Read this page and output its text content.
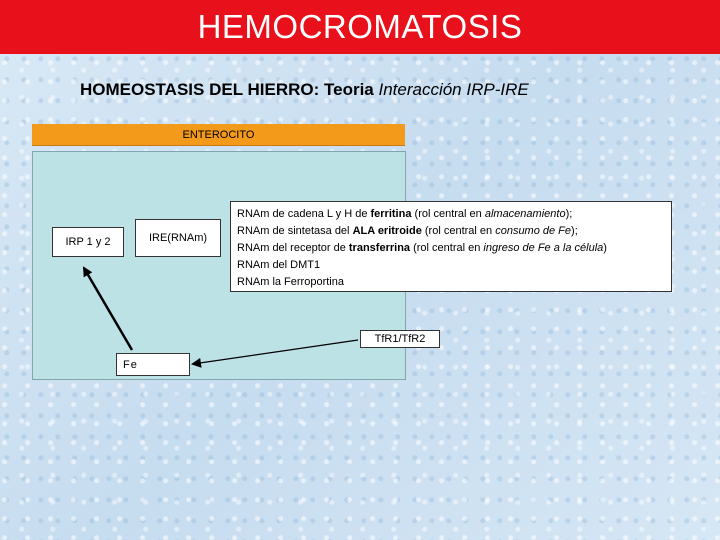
HEMOCROMATOSIS
HOMEOSTASIS DEL HIERRO: Teoria Interacción IRP-IRE
ENTEROCITO
IRP 1 y 2	IRE(RNAm)
RNAm de cadena L y H de ferritina (rol central en almacenamiento);
RNAm de sintetasa del ALA eritroide (rol central en consumo de Fe);
RNAm del receptor de transferrina (rol central en ingreso de Fe a la célula)
RNAm del DMT1
RNAm la Ferroportina
TfR1/TfR2
Fe
